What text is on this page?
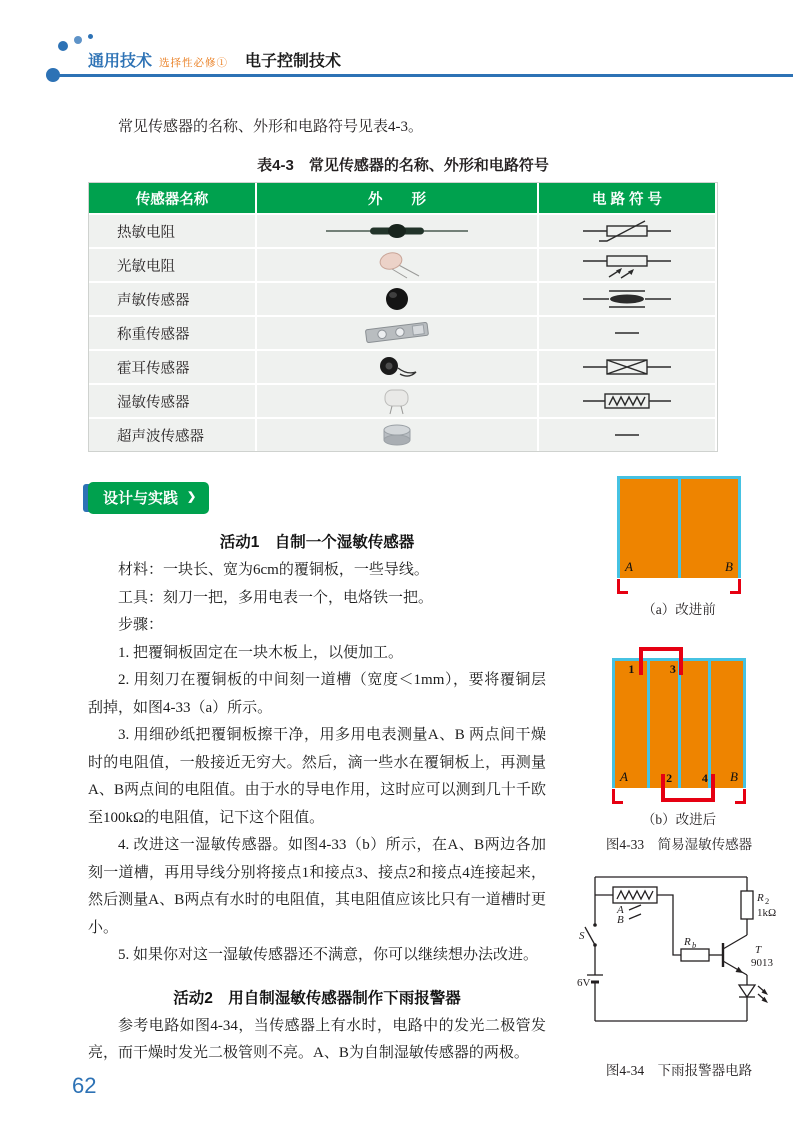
通用技术 选择性必修① 电子控制技术

常见传感器的名称、外形和电路符号见表4-3。

表4-3　常见传感器的名称、外形和电路符号
传感器名称	外　　形	电 路 符 号
热敏电阻
光敏电阻
声敏传感器
称重传感器
霍耳传感器
湿敏传感器
超声波传感器
设计与实践 ❯
活动1　自制一个湿敏传感器

材料：一块长、宽为6cm的覆铜板，一些导线。

工具：刻刀一把，多用电表一个，电烙铁一把。

步骤：

1. 把覆铜板固定在一块木板上，以便加工。

2. 用刻刀在覆铜板的中间刻一道槽（宽度＜1mm），要将覆铜层刮掉，如图4-33（a）所示。

3. 用细砂纸把覆铜板擦干净，用多用电表测量A、B 两点间干燥时的电阻值，一般接近无穷大。然后，滴一些水在覆铜板上，再测量A、B两点间的电阻值。由于水的导电作用，这时应可以测到几十千欧至100kΩ的电阻值，记下这个阻值。

4. 改进这一湿敏传感器。如图4-33（b）所示，在A、B两边各加刻一道槽，再用导线分别将接点1和接点3、接点2和接点4连接起来，然后测量A、B两点有水时的电阻值，其电阻值应该比只有一道槽时更小。

5. 如果你对这一湿敏传感器还不满意，你可以继续想办法改进。

活动2　用自制湿敏传感器制作下雨报警器

参考电路如图4-34，当传感器上有水时，电路中的发光二极管发亮，而干燥时发光二极管则不亮。A、B为自制湿敏传感器的两极。

A	B
（a）改进前
1	3
2 4
A	B
（b）改进后
图4-33　简易湿敏传感器
S
6V
A
B
R b
R 2
1kΩ
T
9013
图4-34　下雨报警器电路
62
